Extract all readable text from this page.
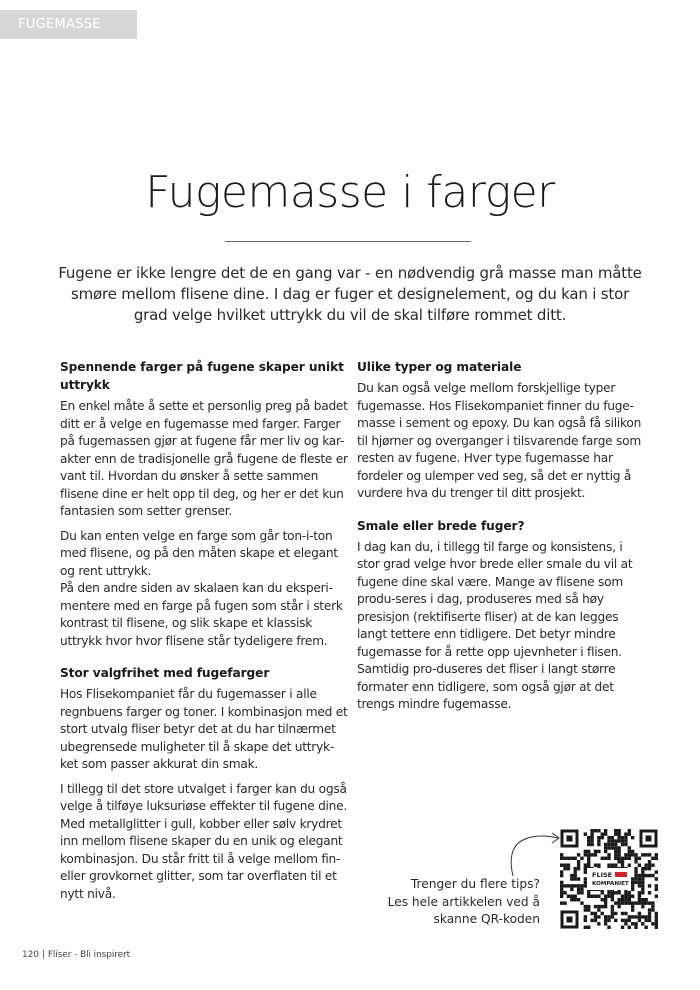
FUGEMASSE
Fugemasse i farger

Fugene er ikke lengre det de en gang var - en nødvendig grå masse man måtte smøre mellom flisene dine. I dag er fuger et designelement, og du kan i stor grad velge hvilket uttrykk du vil de skal tilføre rommet ditt.

Spennende farger på fugene skaper unikt uttrykk

En enkel måte å sette et personlig preg på badet ditt er å velge en fugemasse med farger. Farger på fugemassen gjør at fugene får mer liv og kar-akter enn de tradisjonelle grå fugene de fleste er vant til. Hvordan du ønsker å sette sammen flisene dine er helt opp til deg, og her er det kun fantasien som setter grenser.

Du kan enten velge en farge som går ton-i-ton med flisene, og på den måten skape et elegant og rent uttrykk.
På den andre siden av skalaen kan du eksperi-mentere med en farge på fugen som står i sterk kontrast til flisene, og slik skape et klassisk uttrykk hvor hvor flisene står tydeligere frem.

Stor valgfrihet med fugefarger

Hos Flisekompaniet får du fugemasser i alle regnbuens farger og toner. I kombinasjon med et stort utvalg fliser betyr det at du har tilnærmet ubegrensede muligheter til å skape det uttryk-ket som passer akkurat din smak.

I tillegg til det store utvalget i farger kan du også velge å tilføye luksuriøse effekter til fugene dine. Med metallglitter i gull, kobber eller sølv krydret inn mellom flisene skaper du en unik og elegant kombinasjon. Du står fritt til å velge mellom fin-eller grovkornet glitter, som tar overflaten til et nytt nivå.

Ulike typer og materiale

Du kan også velge mellom forskjellige typer fugemasse. Hos Flisekompaniet finner du fuge-masse i sement og epoxy. Du kan også få silikon til hjørner og overganger i tilsvarende farge som resten av fugene. Hver type fugemasse har fordeler og ulemper ved seg, så det er nyttig å vurdere hva du trenger til ditt prosjekt.

Smale eller brede fuger?

I dag kan du, i tillegg til farge og konsistens, i stor grad velge hvor brede eller smale du vil at fugene dine skal være. Mange av flisene som produ-seres i dag, produseres med så høy presisjon (rektifiserte fliser) at de kan legges langt tettere enn tidligere. Det betyr mindre fugemasse for å rette opp ujevnheter i flisen. Samtidig pro-duseres det fliser i langt større formater enn tidligere, som også gjør at det trengs mindre fugemasse.

Trenger du flere tips?
Les hele artikkelen ved å
skanne QR-koden

FLISE
KOMPANIET
120 | Fliser - Bli inspirert
